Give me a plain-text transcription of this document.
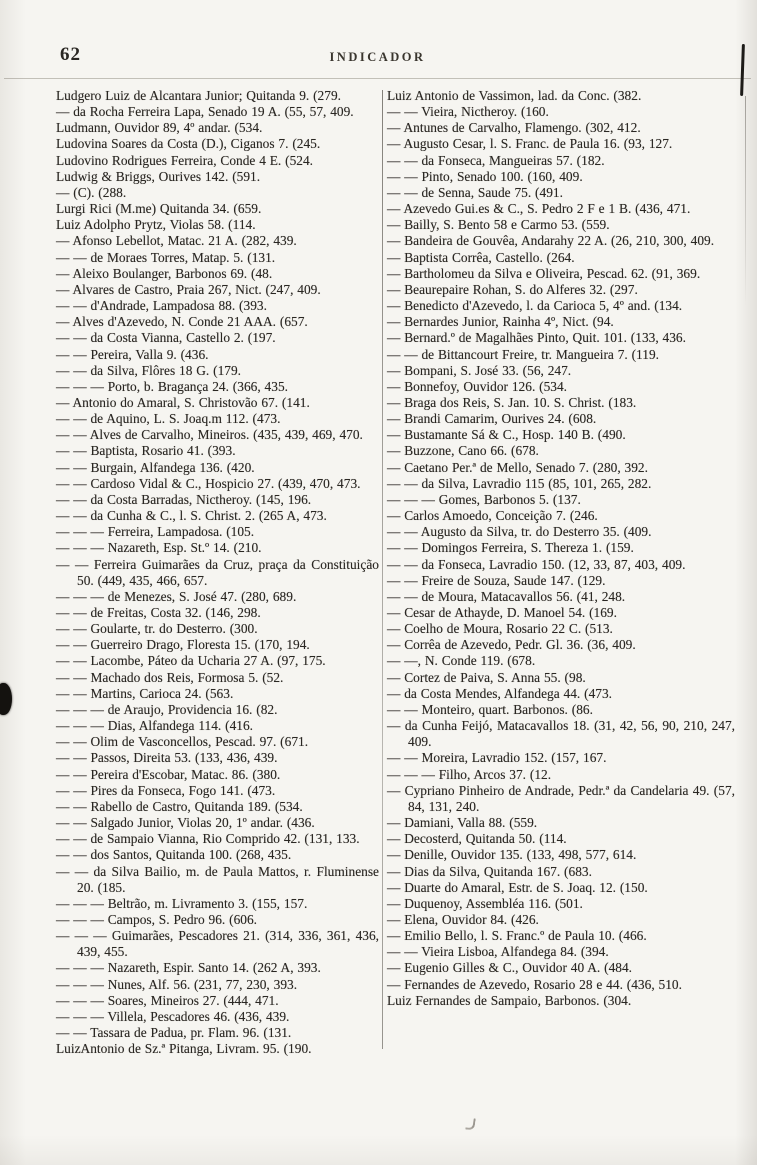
62	INDICADOR

Ludgero Luiz de Alcantara Junior; Quitanda 9. (279.

— da Rocha Ferreira Lapa, Senado 19 A. (55, 57, 409.

Ludmann, Ouvidor 89, 4º andar. (534.

Ludovina Soares da Costa (D.), Ciganos 7. (245.

Ludovino Rodrigues Ferreira, Conde 4 E. (524.

Ludwig & Briggs, Ourives 142. (591.

— (C). (288.

Lurgi Rici (M.me) Quitanda 34. (659.

Luiz Adolpho Prytz, Violas 58. (114.

— Afonso Lebellot, Matac. 21 A. (282, 439.

— — de Moraes Torres, Matap. 5. (131.

— Aleixo Boulanger, Barbonos 69. (48.

— Alvares de Castro, Praia 267, Nict. (247, 409.

— — d'Andrade, Lampadosa 88. (393.

— Alves d'Azevedo, N. Conde 21 AAA. (657.

— — da Costa Vianna, Castello 2. (197.

— — Pereira, Valla 9. (436.

— — da Silva, Flôres 18 G. (179.

— — — Porto, b. Bragança 24. (366, 435.

— Antonio do Amaral, S. Christovão 67. (141.

— — de Aquino, L. S. Joaq.m 112. (473.

— — Alves de Carvalho, Mineiros. (435, 439, 469, 470.

— — Baptista, Rosario 41. (393.

— — Burgain, Alfandega 136. (420.

— — Cardoso Vidal & C., Hospicio 27. (439, 470, 473.

— — da Costa Barradas, Nictheroy. (145, 196.

— — da Cunha & C., l. S. Christ. 2. (265 A, 473.

— — — Ferreira, Lampadosa. (105.

— — — Nazareth, Esp. St.º 14. (210.

— — Ferreira Guimarães da Cruz, praça da Constituição 50. (449, 435, 466, 657.

— — — de Menezes, S. José 47. (280, 689.

— — de Freitas, Costa 32. (146, 298.

— — Goularte, tr. do Desterro. (300.

— — Guerreiro Drago, Floresta 15. (170, 194.

— — Lacombe, Páteo da Ucharia 27 A. (97, 175.

— — Machado dos Reis, Formosa 5. (52.

— — Martins, Carioca 24. (563.

— — — de Araujo, Providencia 16. (82.

— — — Dias, Alfandega 114. (416.

— — Olim de Vasconcellos, Pescad. 97. (671.

— — Passos, Direita 53. (133, 436, 439.

— — Pereira d'Escobar, Matac. 86. (380.

— — Pires da Fonseca, Fogo 141. (473.

— — Rabello de Castro, Quitanda 189. (534.

— — Salgado Junior, Violas 20, 1º andar. (436.

— — de Sampaio Vianna, Rio Comprido 42. (131, 133.

— — dos Santos, Quitanda 100. (268, 435.

— — da Silva Bailio, m. de Paula Mattos, r. Fluminense 20. (185.

— — — Beltrão, m. Livramento 3. (155, 157.

— — — Campos, S. Pedro 96. (606.

— — — Guimarães, Pescadores 21. (314, 336, 361, 436, 439, 455.

— — — Nazareth, Espir. Santo 14. (262 A, 393.

— — — Nunes, Alf. 56. (231, 77, 230, 393.

— — — Soares, Mineiros 27. (444, 471.

— — — Villela, Pescadores 46. (436, 439.

— — Tassara de Padua, pr. Flam. 96. (131.

LuizAntonio de Sz.ª Pitanga, Livram. 95. (190.

Luiz Antonio de Vassimon, lad. da Conc. (382.

— — Vieira, Nictheroy. (160.

— Antunes de Carvalho, Flamengo. (302, 412.

— Augusto Cesar, l. S. Franc. de Paula 16. (93, 127.

— — da Fonseca, Mangueiras 57. (182.

— — Pinto, Senado 100. (160, 409.

— — de Senna, Saude 75. (491.

— Azevedo Gui.es & C., S. Pedro 2 F e 1 B. (436, 471.

— Bailly, S. Bento 58 e Carmo 53. (559.

— Bandeira de Gouvêa, Andarahy 22 A. (26, 210, 300, 409.

— Baptista Corrêa, Castello. (264.

— Bartholomeu da Silva e Oliveira, Pescad. 62. (91, 369.

— Beaurepaire Rohan, S. do Alferes 32. (297.

— Benedicto d'Azevedo, l. da Carioca 5, 4º and. (134.

— Bernardes Junior, Rainha 4º, Nict. (94.

— Bernard.º de Magalhães Pinto, Quit. 101. (133, 436.

— — de Bittancourt Freire, tr. Mangueira 7. (119.

— Bompani, S. José 33. (56, 247.

— Bonnefoy, Ouvidor 126. (534.

— Braga dos Reis, S. Jan. 10. S. Christ. (183.

— Brandi Camarim, Ourives 24. (608.

— Bustamante Sá & C., Hosp. 140 B. (490.

— Buzzone, Cano 66. (678.

— Caetano Per.ª de Mello, Senado 7. (280, 392.

— — da Silva, Lavradio 115 (85, 101, 265, 282.

— — — Gomes, Barbonos 5. (137.

— Carlos Amoedo, Conceição 7. (246.

— — Augusto da Silva, tr. do Desterro 35. (409.

— — Domingos Ferreira, S. Thereza 1. (159.

— — da Fonseca, Lavradio 150. (12, 33, 87, 403, 409.

— — Freire de Souza, Saude 147. (129.

— — de Moura, Matacavallos 56. (41, 248.

— Cesar de Athayde, D. Manoel 54. (169.

— Coelho de Moura, Rosario 22 C. (513.

— Corrêa de Azevedo, Pedr. Gl. 36. (36, 409.

— —, N. Conde 119. (678.

— Cortez de Paiva, S. Anna 55. (98.

— da Costa Mendes, Alfandega 44. (473.

— — Monteiro, quart. Barbonos. (86.

— da Cunha Feijó, Matacavallos 18. (31, 42, 56, 90, 210, 247, 409.

— — Moreira, Lavradio 152. (157, 167.

— — — Filho, Arcos 37. (12.

— Cypriano Pinheiro de Andrade, Pedr.ª da Candelaria 49. (57, 84, 131, 240.

— Damiani, Valla 88. (559.

— Decosterd, Quitanda 50. (114.

— Denille, Ouvidor 135. (133, 498, 577, 614.

— Dias da Silva, Quitanda 167. (683.

— Duarte do Amaral, Estr. de S. Joaq. 12. (150.

— Duquenoy, Assembléa 116. (501.

— Elena, Ouvidor 84. (426.

— Emilio Bello, l. S. Franc.º de Paula 10. (466.

— — Vieira Lisboa, Alfandega 84. (394.

— Eugenio Gilles & C., Ouvidor 40 A. (484.

— Fernandes de Azevedo, Rosario 28 e 44. (436, 510.

Luiz Fernandes de Sampaio, Barbonos. (304.
